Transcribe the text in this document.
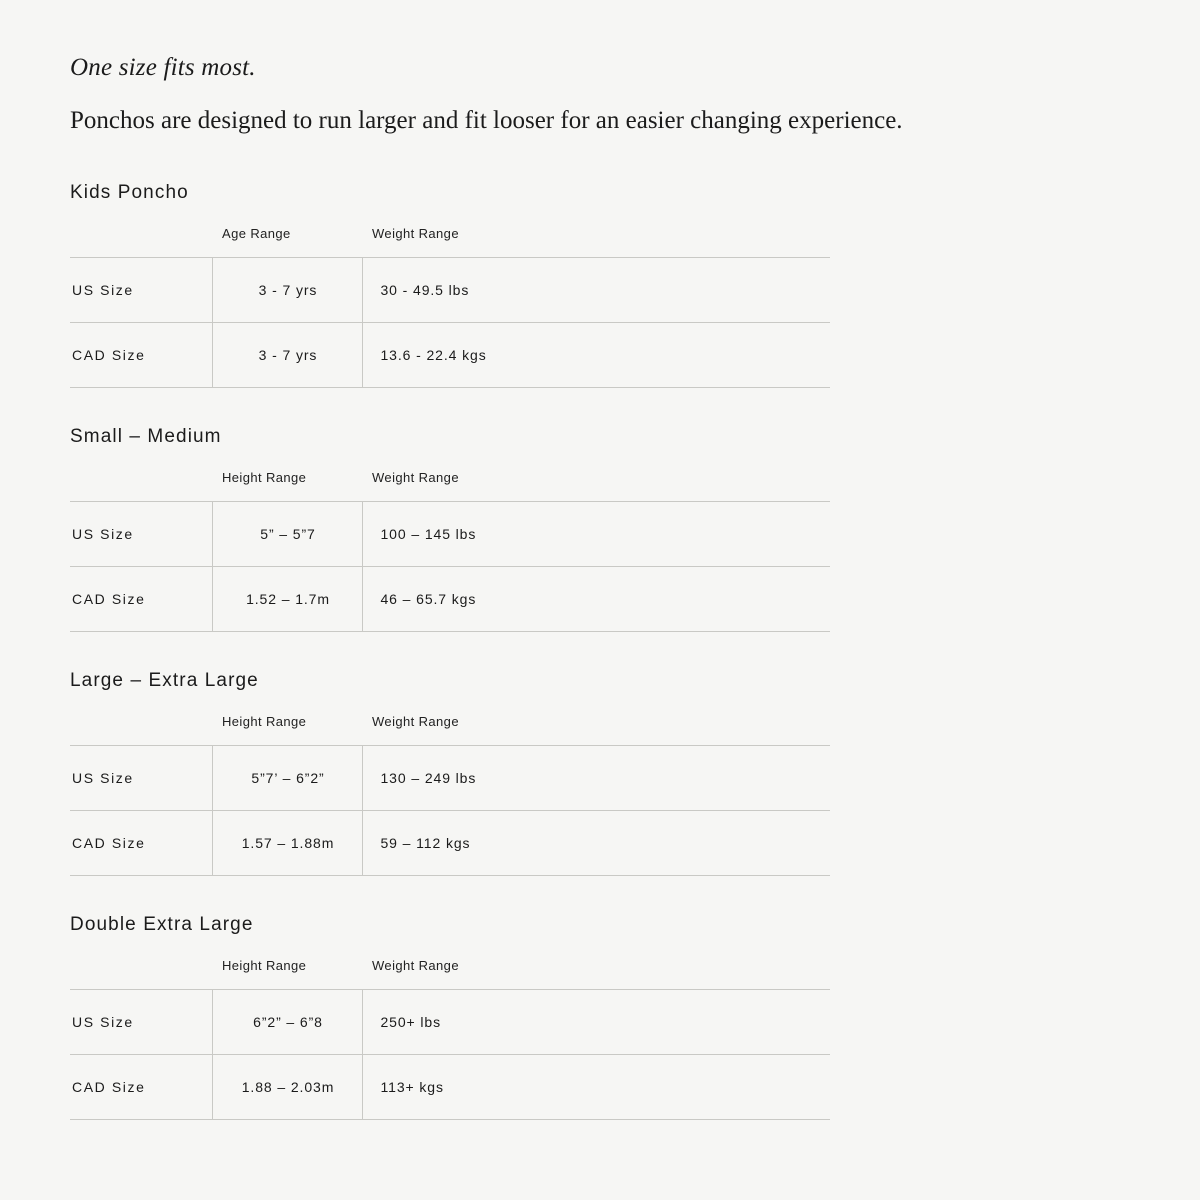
One size fits most.

Ponchos are designed to run larger and fit looser for an easier changing experience.

Kids Poncho
	Age Range	Weight Range
US Size	3 - 7 yrs	30 - 49.5 lbs
CAD Size	3 - 7 yrs	13.6 - 22.4 kgs
Small – Medium
	Height Range	Weight Range
US Size	5” – 5”7	100 – 145 lbs
CAD Size	1.52 – 1.7m	46 – 65.7 kgs
Large – Extra Large
	Height Range	Weight Range
US Size	5”7’ – 6”2”	130 – 249 lbs
CAD Size	1.57 – 1.88m	59 – 112 kgs
Double Extra Large
	Height Range	Weight Range
US Size	6”2” – 6”8	250+ lbs
CAD Size	1.88 – 2.03m	113+ kgs
